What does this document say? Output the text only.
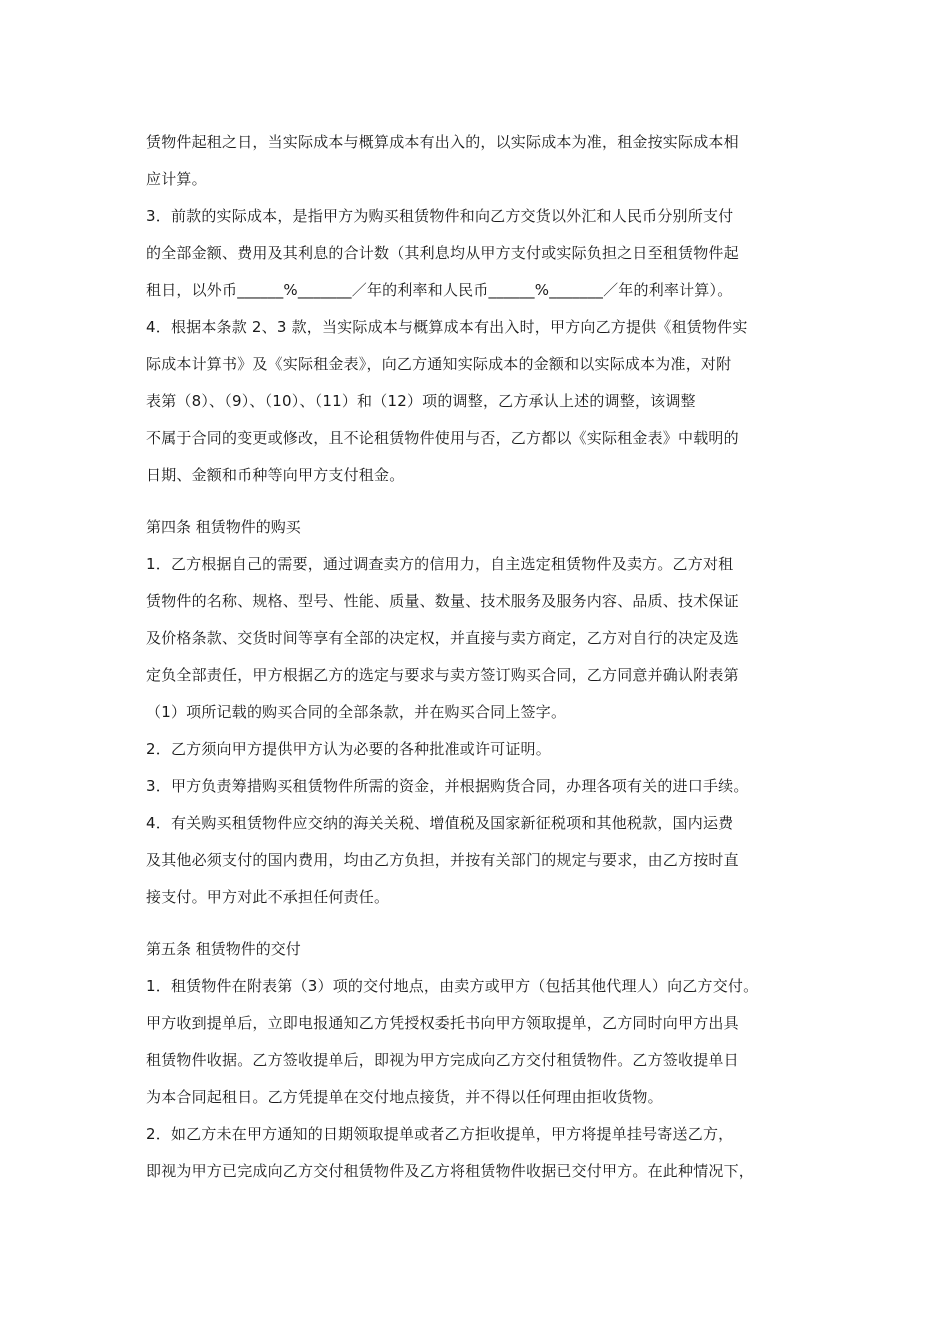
赁物件起租之日，当实际成本与概算成本有出入的，以实际成本为准，租金按实际成本相
应计算。
3．前款的实际成本，是指甲方为购买租赁物件和向乙方交货以外汇和人民币分别所支付
的全部金额、费用及其利息的合计数（其利息均从甲方支付或实际负担之日至租赁物件起
租日，以外币______%_______／年的利率和人民币______%_______／年的利率计算）。
4．根据本条款 2、3 款，当实际成本与概算成本有出入时，甲方向乙方提供《租赁物件实
际成本计算书》及《实际租金表》，向乙方通知实际成本的金额和以实际成本为准，对附
表第（8）、（9）、（10）、（11）和（12）项的调整，乙方承认上述的调整，该调整
不属于合同的变更或修改，且不论租赁物件使用与否，乙方都以《实际租金表》中载明的
日期、金额和币种等向甲方支付租金。
第四条 租赁物件的购买
1．乙方根据自己的需要，通过调查卖方的信用力，自主选定租赁物件及卖方。乙方对租
赁物件的名称、规格、型号、性能、质量、数量、技术服务及服务内容、品质、技术保证
及价格条款、交货时间等享有全部的决定权，并直接与卖方商定，乙方对自行的决定及选
定负全部责任，甲方根据乙方的选定与要求与卖方签订购买合同，乙方同意并确认附表第
（1）项所记载的购买合同的全部条款，并在购买合同上签字。
2．乙方须向甲方提供甲方认为必要的各种批准或许可证明。
3．甲方负责筹措购买租赁物件所需的资金，并根据购货合同，办理各项有关的进口手续。
4．有关购买租赁物件应交纳的海关关税、增值税及国家新征税项和其他税款，国内运费
及其他必须支付的国内费用，均由乙方负担，并按有关部门的规定与要求，由乙方按时直
接支付。甲方对此不承担任何责任。
第五条 租赁物件的交付
1．租赁物件在附表第（3）项的交付地点，由卖方或甲方（包括其他代理人）向乙方交付。
甲方收到提单后，立即电报通知乙方凭授权委托书向甲方领取提单，乙方同时向甲方出具
租赁物件收据。乙方签收提单后，即视为甲方完成向乙方交付租赁物件。乙方签收提单日
为本合同起租日。乙方凭提单在交付地点接货，并不得以任何理由拒收货物。
2．如乙方未在甲方通知的日期领取提单或者乙方拒收提单，甲方将提单挂号寄送乙方，
即视为甲方已完成向乙方交付租赁物件及乙方将租赁物件收据已交付甲方。在此种情况下，
